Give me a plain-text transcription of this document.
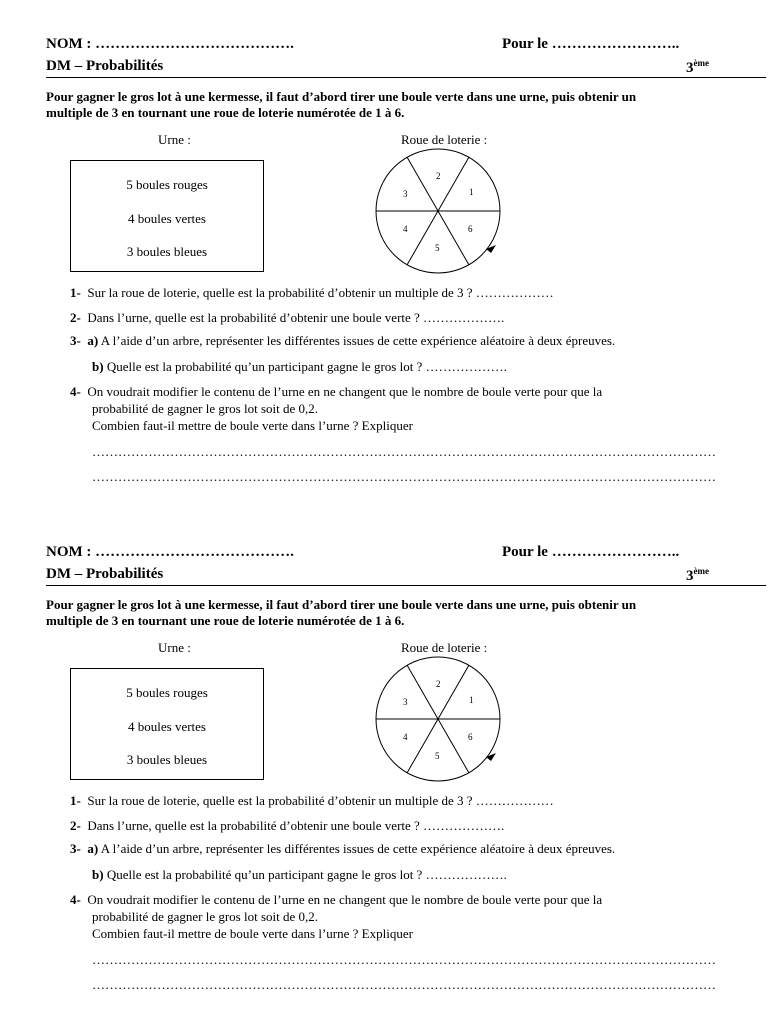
NOM : ………………………………….	Pour le ……………………..
DM – Probabilités	3ème
Pour gagner le gros lot à une kermesse, il faut d’abord tirer une boule verte dans une urne, puis obtenir un
multiple de 3 en tournant une roue de loterie numérotée de 1 à 6.
Urne :	Roue de loterie :
5 boules rouges
4 boules vertes
3 boules bleues
2
3	1
4	6
5
1- Sur la roue de loterie, quelle est la probabilité d’obtenir un multiple de 3 ? ………………
2- Dans l’urne, quelle est la probabilité d’obtenir une boule verte ? ……………….
3- a) A l’aide d’un arbre, représenter les différentes issues de cette expérience aléatoire à deux épreuves.
b) Quelle est la probabilité qu’un participant gagne le gros lot ? ……………….
4- On voudrait modifier le contenu de l’urne en ne changent que le nombre de boule verte pour que la
probabilité de gagner le gros lot soit de 0,2.
Combien faut-il mettre de boule verte dans l’urne ? Expliquer
………………………………………………………………………………………………………………………………
………………………………………………………………………………………………………………………………
NOM : ………………………………….	Pour le ……………………..
DM – Probabilités	3ème
Pour gagner le gros lot à une kermesse, il faut d’abord tirer une boule verte dans une urne, puis obtenir un
multiple de 3 en tournant une roue de loterie numérotée de 1 à 6.
Urne :	Roue de loterie :
5 boules rouges
4 boules vertes
3 boules bleues
2
3	1
4	6
5
1- Sur la roue de loterie, quelle est la probabilité d’obtenir un multiple de 3 ? ………………
2- Dans l’urne, quelle est la probabilité d’obtenir une boule verte ? ……………….
3- a) A l’aide d’un arbre, représenter les différentes issues de cette expérience aléatoire à deux épreuves.
b) Quelle est la probabilité qu’un participant gagne le gros lot ? ……………….
4- On voudrait modifier le contenu de l’urne en ne changent que le nombre de boule verte pour que la
probabilité de gagner le gros lot soit de 0,2.
Combien faut-il mettre de boule verte dans l’urne ? Expliquer
………………………………………………………………………………………………………………………………
………………………………………………………………………………………………………………………………
